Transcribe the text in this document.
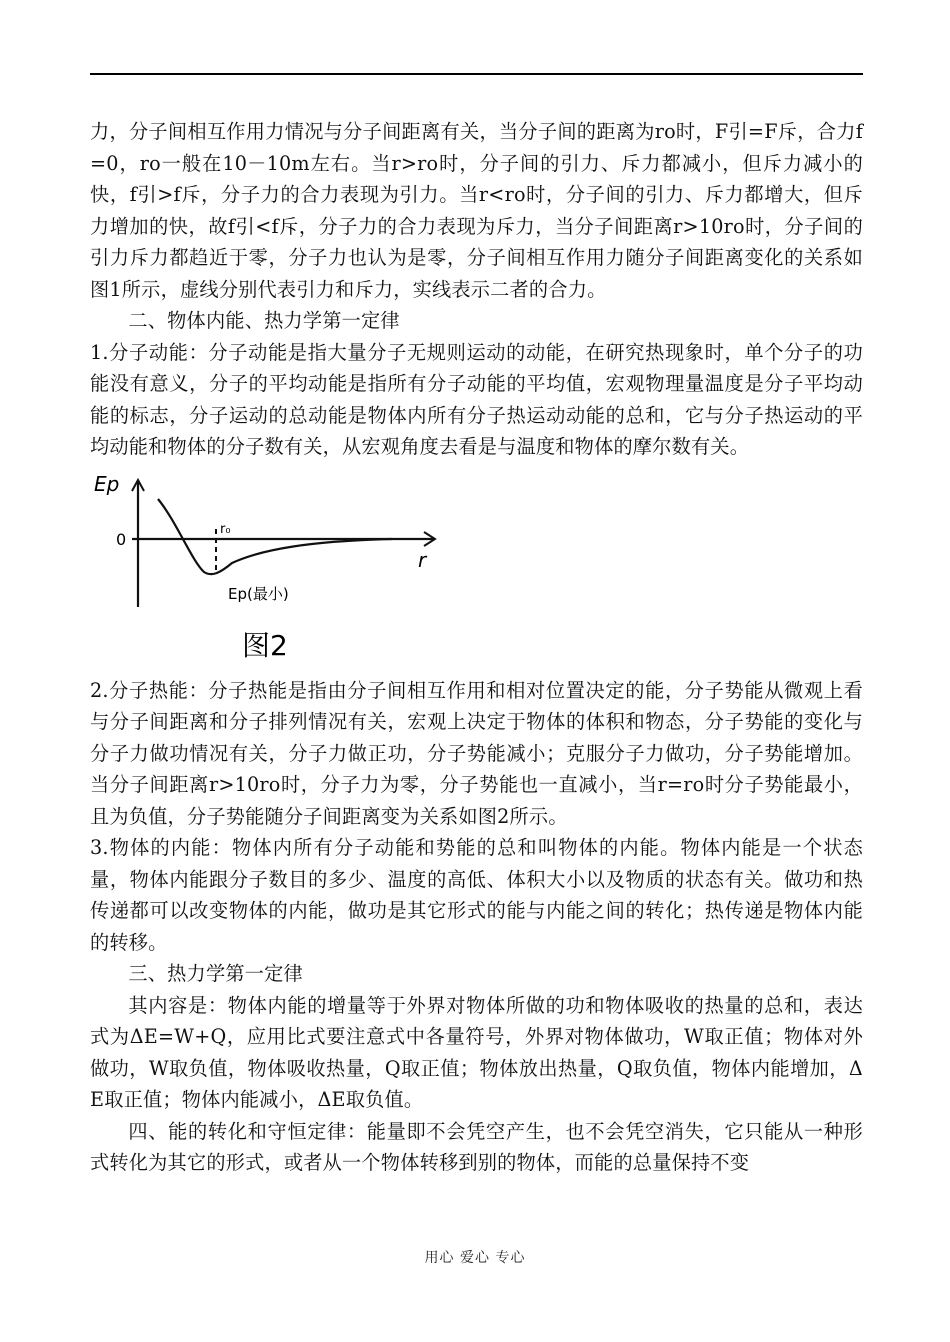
力，分子间相互作用力情况与分子间距离有关，当分子间的距离为ro时，F引=F斥，合力f=0，ro一般在10－10m左右。当r>ro时，分子间的引力、斥力都减小，但斥力减小的快，f引>f斥，分子力的合力表现为引力。当r<ro时，分子间的引力、斥力都增大，但斥力增加的快，故f引<f斥，分子力的合力表现为斥力，当分子间距离r>10ro时，分子间的引力斥力都趋近于零，分子力也认为是零，分子间相互作用力随分子间距离变化的关系如图1所示，虚线分别代表引力和斥力，实线表示二者的合力。

二、物体内能、热力学第一定律

1.分子动能：分子动能是指大量分子无规则运动的动能，在研究热现象时，单个分子的功能没有意义，分子的平均动能是指所有分子动能的平均值，宏观物理量温度是分子平均动能的标志，分子运动的总动能是物体内所有分子热运动动能的总和，它与分子热运动的平均动能和物体的分子数有关，从宏观角度去看是与温度和物体的摩尔数有关。

Ep
0
r
r₀
Ep(最小)
图2

2.分子热能：分子热能是指由分子间相互作用和相对位置决定的能，分子势能从微观上看与分子间距离和分子排列情况有关，宏观上决定于物体的体积和物态，分子势能的变化与分子力做功情况有关，分子力做正功，分子势能减小；克服分子力做功，分子势能增加。当分子间距离r>10ro时，分子力为零，分子势能也一直减小，当r=ro时分子势能最小，且为负值，分子势能随分子间距离变为关系如图2所示。

3.物体的内能：物体内所有分子动能和势能的总和叫物体的内能。物体内能是一个状态量，物体内能跟分子数目的多少、温度的高低、体积大小以及物质的状态有关。做功和热传递都可以改变物体的内能，做功是其它形式的能与内能之间的转化；热传递是物体内能的转移。

三、热力学第一定律

其内容是：物体内能的增量等于外界对物体所做的功和物体吸收的热量的总和，表达式为ΔE=W+Q，应用比式要注意式中各量符号，外界对物体做功，W取正值；物体对外做功，W取负值，物体吸收热量，Q取正值；物体放出热量，Q取负值，物体内能增加，ΔE取正值；物体内能减小，ΔE取负值。

四、能的转化和守恒定律：能量即不会凭空产生，也不会凭空消失，它只能从一种形式转化为其它的形式，或者从一个物体转移到别的物体，而能的总量保持不变

用心 爱心 专心
